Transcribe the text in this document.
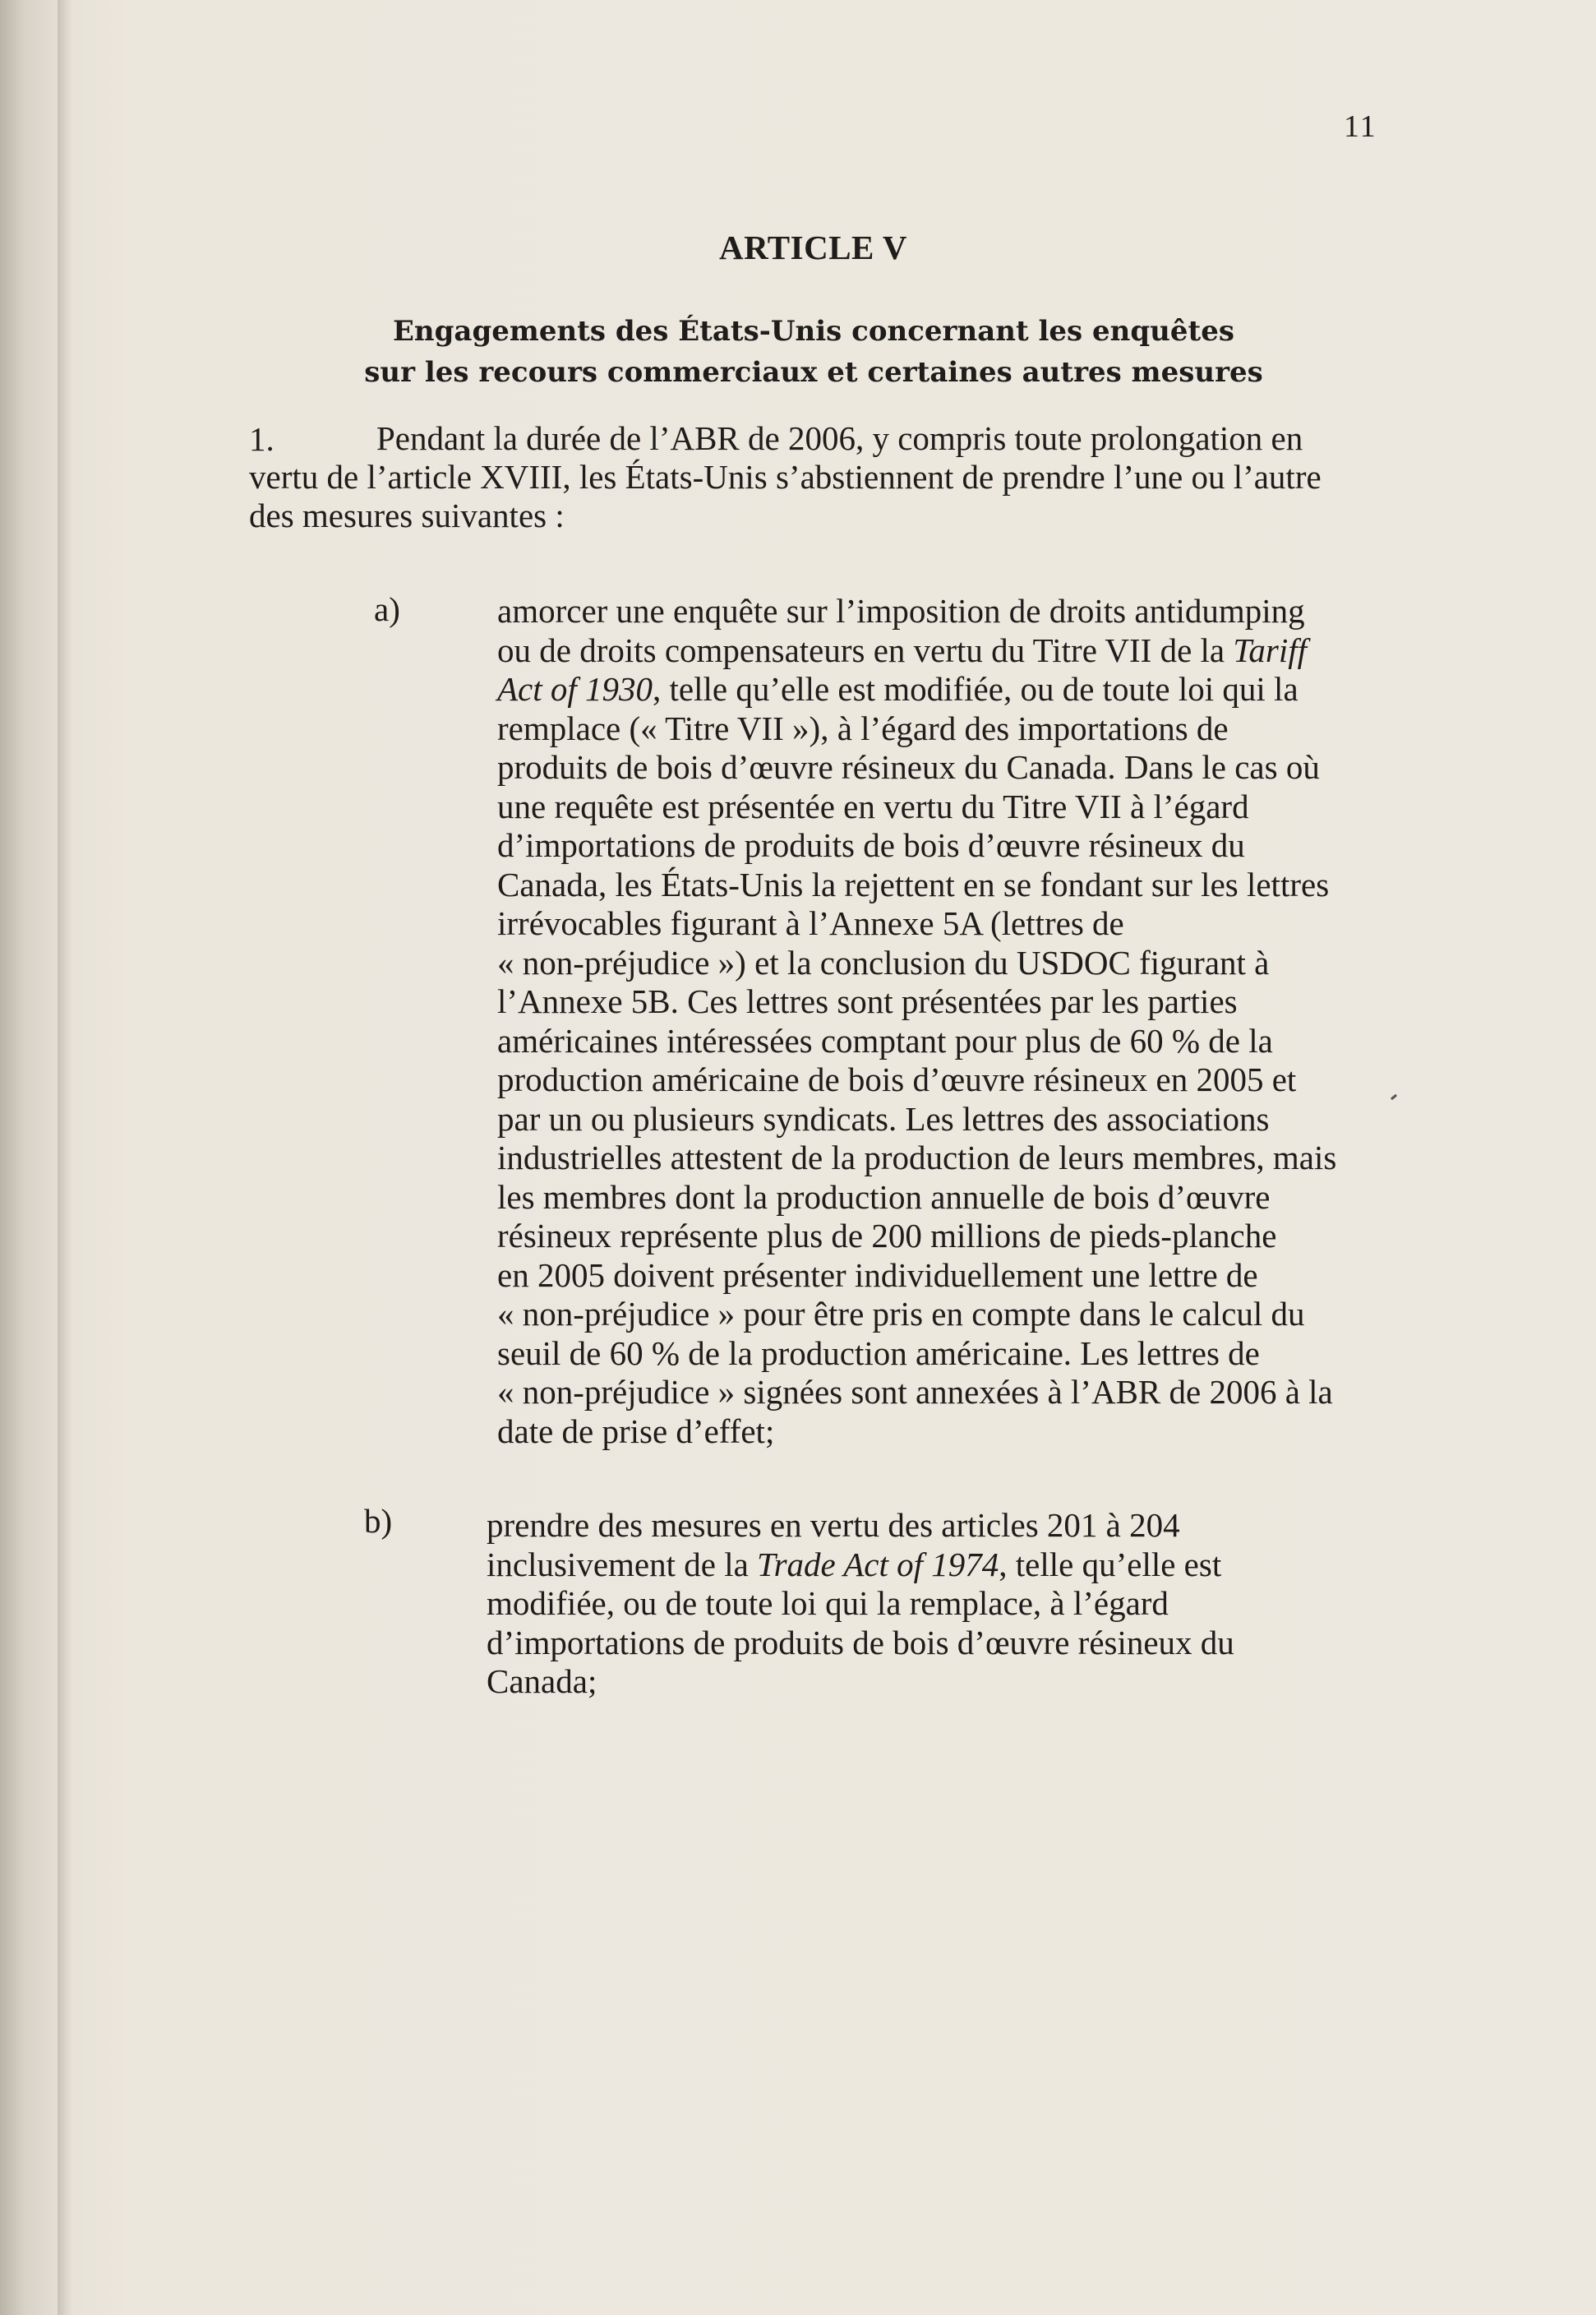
11
ARTICLE V
Engagements des États-Unis concernant les enquêtes
sur les recours commerciaux et certaines autres mesures
1.	Pendant la durée de l’ABR de 2006, y compris toute prolongation en
vertu de l’article XVIII, les États-Unis s’abstiennent de prendre l’une ou l’autre
des mesures suivantes :
a)	amorcer une enquête sur l’imposition de droits antidumping
ou de droits compensateurs en vertu du Titre VII de la Tariff
Act of 1930, telle qu’elle est modifiée, ou de toute loi qui la
remplace (« Titre VII »), à l’égard des importations de
produits de bois d’œuvre résineux du Canada. Dans le cas où
une requête est présentée en vertu du Titre VII à l’égard
d’importations de produits de bois d’œuvre résineux du
Canada, les États-Unis la rejettent en se fondant sur les lettres
irrévocables figurant à l’Annexe 5A (lettres de
« non-préjudice ») et la conclusion du USDOC figurant à
l’Annexe 5B. Ces lettres sont présentées par les parties
américaines intéressées comptant pour plus de 60 % de la
production américaine de bois d’œuvre résineux en 2005 et
par un ou plusieurs syndicats. Les lettres des associations
industrielles attestent de la production de leurs membres, mais
les membres dont la production annuelle de bois d’œuvre
résineux représente plus de 200 millions de pieds-planche
en 2005 doivent présenter individuellement une lettre de
« non-préjudice » pour être pris en compte dans le calcul du
seuil de 60 % de la production américaine. Les lettres de
« non-préjudice » signées sont annexées à l’ABR de 2006 à la
date de prise d’effet;
b)	prendre des mesures en vertu des articles 201 à 204
inclusivement de la Trade Act of 1974, telle qu’elle est
modifiée, ou de toute loi qui la remplace, à l’égard
d’importations de produits de bois d’œuvre résineux du
Canada;
